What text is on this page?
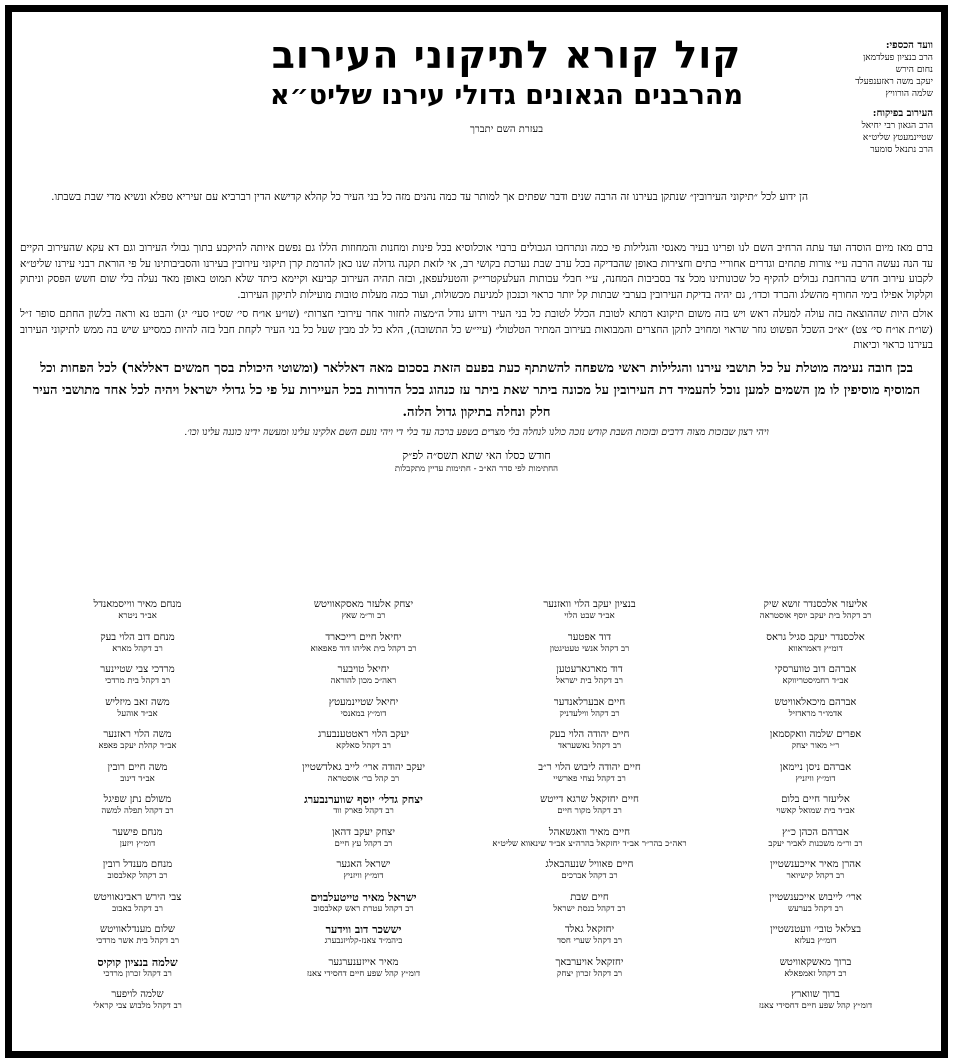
וועד הכספי:
הרב בנציון פעלדמאן
נחום הירש
יעקב משה ראזענפעלד
שלמה הורוויץ
העירוב בפיקוח:
הרב הגאון רבי יחיאל
שטיינמעטץ שליט״א
הרב נתנאל סומער
קול קורא לתיקוני העירוב
מהרבנים הגאונים גדולי עירנו שליט״א
בעזרת השם יתברך
הן ידוע לכל ״תיקוני העירובין״ שנתקן בעירנו זה הרבה שנים ודבר שפתים אך למותר עד כמה נהנים מזה כל בני העיר כל קהלא קדישא הדין רברביא עם זעיריא טפלא ונשיא מדי שבת בשבתו.

ברם מאז מיום הוסדה ועד עתה הרחיב השם לנו ופרינו בעיר מאנסי והגלילות פי כמה ונתרחבו הגבולים ברבוי אוכלוסיא בכל פינות ומחנות והמחוזות הללו גם נפשם איותה להיקבע בתוך גבולי העירוב וגם דא עקא שהעירוב הקיים עד הנה נעשה הרבה ע״י צורות פתחים וגדרים אחוריי בתים וחצירות באופן שהבדיקה בכל ערב שבת נערכת בקושי רב, אי לזאת תקנה גדולה שנו כאן להרמת קרן תיקוני עירובין בעירנו והסביבותינו על פי הוראת רבני עירנו שליט״א לקבוע עירוב חדש בהרחבת גבולים להקיף כל שכונותינו מכל צד בסביבות המחנה, ע״י חבלי עבותות העלעקטרי״ק והטעלעפאן, ובזה תהיה העירוב קביעא וקיימא כיתד שלא תמוט באופן מאד נעלה בלי שום חשש הפסק וניתוק וקלקול אפילו בימי החורף מהשלג והברד וכדו׳, גם יהיה בדיקת העירובין בערבי שבתות קל יותר כראוי וכנכון למניעת מכשולות, ועוד כמה מעלות טובות מועילות לתיקון העירוב.

אולם היות שההוצאה בזה עולה למעלה ראש ויש בזה משום תיקונא דמתא לטובת הכלל לטובת כל בני העיר וידוע גודל ה״מצוה לחזור אחר עירובי חצרות״ (שו״ע או״ח סי׳ שס״ו סעי׳ יג) והבט נא וראה בלשון החתם סופר ז״ל (שו״ת או״ח סי׳ צט) ״א״כ השכל הפשוט גוזר שראוי ומחויב לתקן החצרים והמבואות בעירוב המתיר הטלטול״ (עיי״ש כל התשובה), הלא כל לב מבין שעל כל בני העיר לקחת חבל בזה להיות כמסייע שיש בה ממש לתיקוני העירוב בעירנו כראוי וכיאות

בכן חובה נעימה מוטלת על כל תושבי עירנו והגלילות ראשי משפחה להשתתף כעת בפעם הזאת בסכום מאה דאללאר (ומשוטי היכולת בסך חמשים דאללאר) לכל הפחות וכל המוסיף מוסיפין לו מן השמים למען נוכל להעמיד דת העירובין על מכונה ביתר שאת ביתר עז כנהוג בכל הדורות בכל העיירות על פי כל גדולי ישראל ויהיה לכל אחד מתושבי העיר חלק ונחלה בתיקון גדול הלזה.
ויהי רצון שבזכות מצוה דרבים ובזכות השבת קודש נזכה כולנו לנחלה בלי מצרים בשפע ברכה עד בלי די ויהי נועם השם אלקינו עלינו ומעשה ידינו כוננה עלינו וכו׳.
חודש כסלו האי שתא תשס״ה לפ״ק
החתימות לפי סדר הא״ב - חתימות עדיין מתקבלות
אליעזר אלכסנדר זושא שיק
רב דקהל בית יעקב יוסף אוסטראה
אלכסנדר יעקב סגיל גראס
דומ״ץ דאמראווא
אברהם דוב טווערסקי
אב״ד רחמיסטריווקא
אברהם מיכאלאוויטש
אדמו״ר מראדזיל
אפרים שלמה וואקסמאן
ר״י מאור יצחק
אברהם ניסן ניימאן
דומ״ץ וויזניץ
אליעזר חיים בלום
אב״ד בית שמואל קאשוי
אברהם הכהן כ״ץ
רב ור״מ משכנות לאביר יעקב
אהרן מאיר אייכענשטיין
רב דקהל קישיואר
ארי׳ לייבוש אייכענשטיין
רב דקהל בערעש
בצלאל טובי׳ וועטנשטיין
דומ״ץ בעלזא
ברוך מאשקאוויטש
רב דקהל זאמפאלא
ברוך שווארץ
דומ״ץ קהל שפע חיים דחסידי צאנז
בנציון יעקב הלוי וואזנער
אב״ד שבט הלוי
דוד אפטער
רב דקהל אנשי טעטיגטון
דוד מארגארעטען
רב דקהל בית ישראל
חיים אבערלאנדער
רב דקהל ווילעדניק
חיים יהודה הלוי בעק
רב דקהל נאשעראד
חיים יהודה ליבוש הלוי ר״ב
רב דקהל נצחי פארשיי
חיים יחזקאל שרגא דייטש
רב דקהל מקור חיים
חיים מאיר וואגשאהל
ראה״כ בהר״ר אב״ד יחזקאל בהרה״צ אב״ד שינאווא שליט״א
חיים פאוויל שנעהבאלג
רב דקהל אברכים
חיים שבת
רב דקהל כנסת ישראל
יחזקאל גאלד
רב דקהל שערי חסד
יחזקאל אויערבאך
רב דקהל זכרון יצחק
יצחק אלעזר מאסקאוויטש
רב ור״מ שאץ
יחיאל חיים רייכארד
רב דקהל בית אליהו דוד פאפאוא
יחיאל טויבער
ראה״כ מכון להוראה
יחיאל שטיינמעטץ
דומ״ץ במאנסי
יעקב הלוי ראטטענבערג
רב דקהל סאלקא
יעקב יהודה ארי׳ לייב גאלדשטיין
רב קהל בר׳ אוסטראה
יצחק גדלי׳ יוסף שווערנבערג
רב דקהל פארק ווד
יצחק יעקב דהאן
רב דקהל עץ חיים
ישראל האגער
דומ״ץ וויזניץ
ישראל מאיר טייטעלבוים
רב דקהל עטרת ראש קאלבסוב
יששכר דוב ווידער
ביהמ״ד צאנז-קלויזנבערג
מאיר אייזענערגער
דומ״ץ קהל שפע חיים דחסידי צאנז
מנחם מאיר ווייסמאנדל
אב״ד ניטרא
מנחם דוב הלוי בעק
רב דקהל מארא
מרדכי צבי שטיינער
רב דקהל בית מרדכי
משה זאב מיזליש
אב״ד אוהעל
משה הלוי ראזנער
אב״ד קהלת יעקב פאפא
משה חיים רובין
אב״ד דינוב
משולם נתן שפיגל
רב דקהל תפלה למשה
מנחם פישער
דומ״ץ ויזען
מנחם מענדל רובין
רב דקהל קאלבסוב
צבי הירש ראבינאוויטש
רב דקהל באבוב
שלום מענדלאוויטש
רב דקהל בית אשר מרדכי
שלמה בנציון קוקיס
רב דקהל זכרון מרדכי
שלמה לויפער
רב דקהל מלבוש צבי קראלי
